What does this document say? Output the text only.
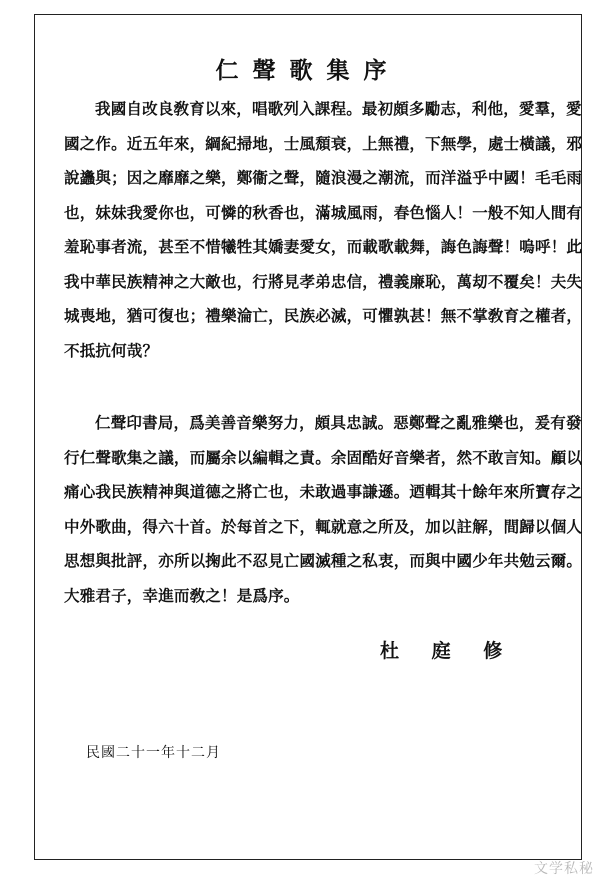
仁聲歌集序
我國自改良敎育以來，唱歌列入課程。最初頗多勵志，利他，愛羣，愛
國之作。近五年來，綱紀掃地，士風頹衰，上無禮，下無學，處士橫議，邪
說蠭與；因之靡靡之樂，鄭衞之聲，隨浪漫之潮流，而洋溢乎中國！毛毛雨
也，妹妹我愛你也，可憐的秋香也，滿城風雨，春色惱人！一般不知人間有
羞恥事者流，甚至不惜犧牲其嬌妻愛女，而載歌載舞，誨色誨聲！嗚呼！此
我中華民族精神之大敵也，行將見孝弟忠信，禮義廉恥，萬刧不覆矣！夫失
城喪地，猶可復也；禮樂淪亡，民族必滅，可懼孰甚！無不掌敎育之權者，
不抵抗何哉？
仁聲印書局，爲美善音樂努力，頗具忠誠。惡鄭聲之亂雅樂也，爰有發
行仁聲歌集之議，而屬余以編輯之責。余固酷好音樂者，然不敢言知。顧以
痛心我民族精神與道德之將亡也，未敢過事謙遜。迺輯其十餘年來所寶存之
中外歌曲，得六十首。於每首之下，輒就意之所及，加以註解，間歸以個人
思想與批評，亦所以掬此不忍見亡國滅種之私衷，而與中國少年共勉云爾。
大雅君子，幸進而敎之！是爲序。

杜 庭 修

民國二十一年十二月

文学私秘
